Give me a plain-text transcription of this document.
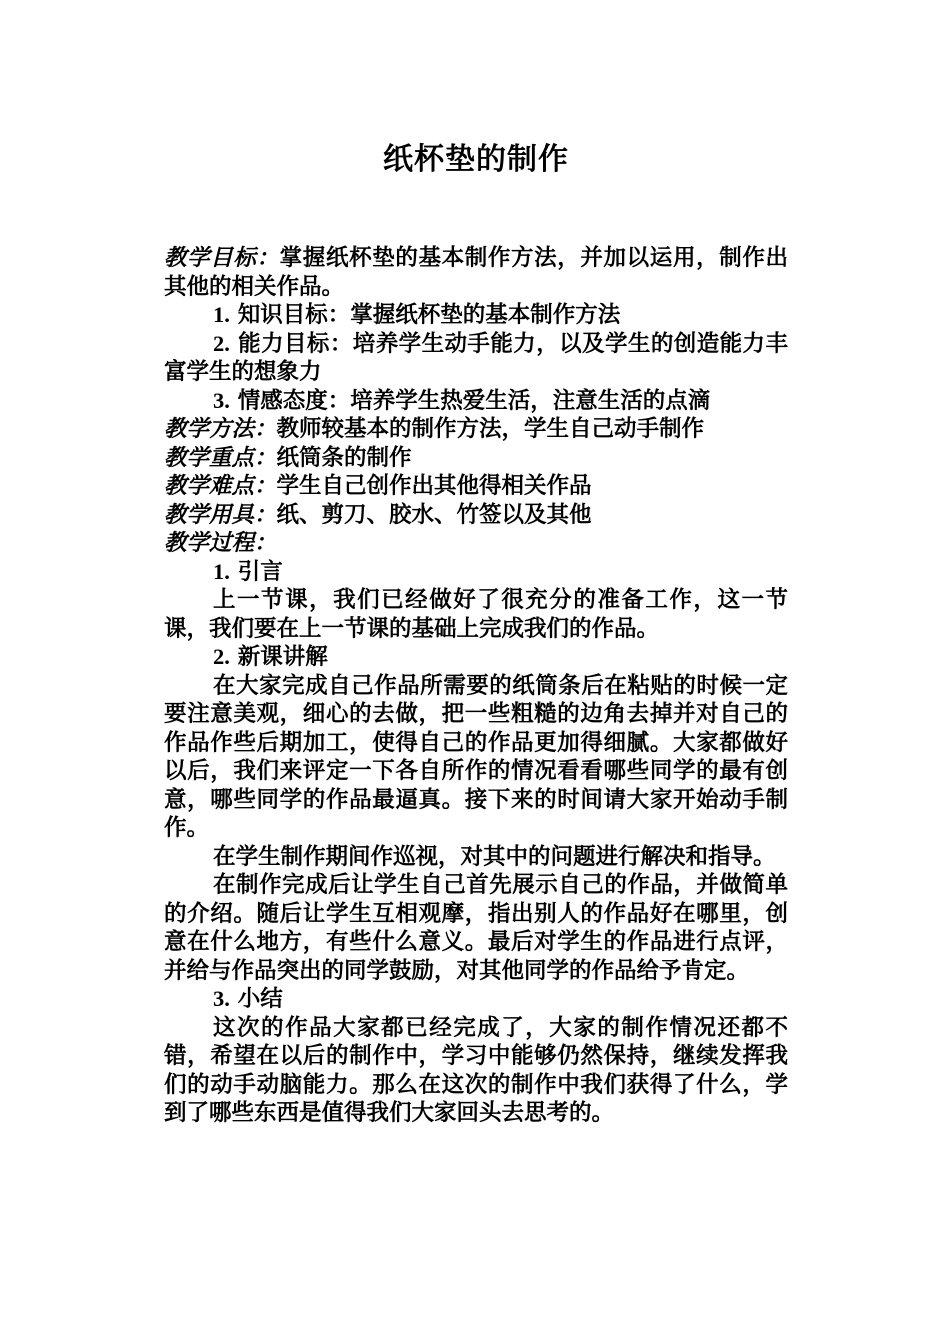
纸杯垫的制作

教学目标：掌握纸杯垫的基本制作方法，并加以运用，制作出其他的相关作品。

1. 知识目标：掌握纸杯垫的基本制作方法

2. 能力目标：培养学生动手能力，以及学生的创造能力丰富学生的想象力

3. 情感态度：培养学生热爱生活，注意生活的点滴

教学方法：教师较基本的制作方法，学生自己动手制作

教学重点：纸筒条的制作

教学难点：学生自己创作出其他得相关作品

教学用具：纸、剪刀、胶水、竹签以及其他

教学过程：

1. 引言

上一节课，我们已经做好了很充分的准备工作，这一节课，我们要在上一节课的基础上完成我们的作品。

2. 新课讲解

在大家完成自己作品所需要的纸筒条后在粘贴的时候一定要注意美观，细心的去做，把一些粗糙的边角去掉并对自己的作品作些后期加工，使得自己的作品更加得细腻。大家都做好以后，我们来评定一下各自所作的情况看看哪些同学的最有创意，哪些同学的作品最逼真。接下来的时间请大家开始动手制作。

在学生制作期间作巡视，对其中的问题进行解决和指导。

在制作完成后让学生自己首先展示自己的作品，并做简单的介绍。随后让学生互相观摩，指出别人的作品好在哪里，创意在什么地方，有些什么意义。最后对学生的作品进行点评，并给与作品突出的同学鼓励，对其他同学的作品给予肯定。

3. 小结

这次的作品大家都已经完成了，大家的制作情况还都不错，希望在以后的制作中，学习中能够仍然保持，继续发挥我们的动手动脑能力。那么在这次的制作中我们获得了什么，学到了哪些东西是值得我们大家回头去思考的。
